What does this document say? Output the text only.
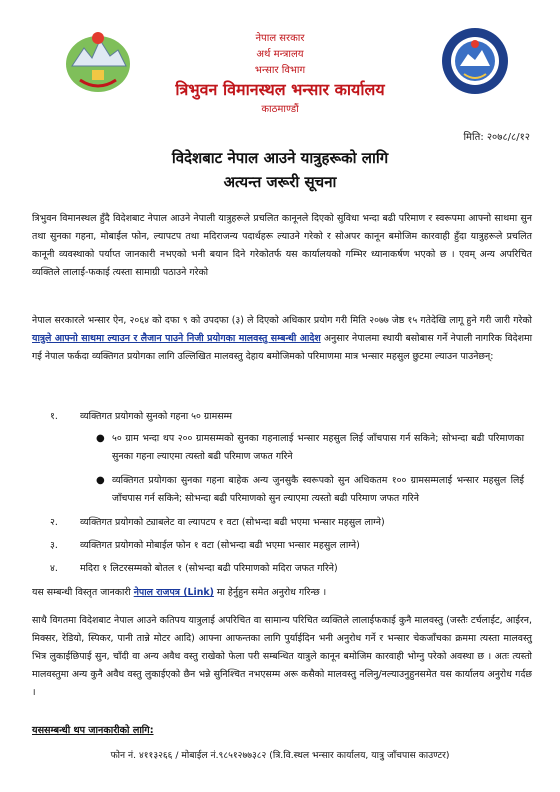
नेपाल सरकार
अर्थ मन्त्रालय
भन्सार विभाग
त्रिभुवन विमानस्थल भन्सार कार्यालय
काठमाण्डौं
मिति: २०७८/८/१२
विदेशबाट नेपाल आउने यात्रुहरूको लागि
अत्यन्त जरूरी सूचना
त्रिभुवन विमानस्थल हुँदै विदेशबाट नेपाल आउने नेपाली यात्रुहरूले प्रचलित कानूनले दिएको सुविधा भन्दा बढी परिमाण र स्वरूपमा आफ्नो साथमा सुन तथा सुनका गहना, मोबाईल फोन, ल्यापटप तथा मदिराजन्य पदार्थहरू ल्याउने गरेको र सोअपर कानून बमोजिम कारवाही हुँदा यात्रुहरूले प्रचलित कानूनी व्यवस्थाको पर्याप्त जानकारी नभएको भनी बयान दिने गरेकोतर्फ यस कार्यालयको गम्भिर ध्यानाकर्षण भएको छ । एवम् अन्य अपरिचित व्यक्तिले लालाई-फकाई त्यस्ता सामाग्री पठाउने गरेको
नेपाल सरकारले भन्सार ऐन, २०६४ को दफा ९ को उपदफा (३) ले दिएको अधिकार प्रयोग गरी मिति २०७७ जेष्ठ १५ गतेदेखि लागू हुने गरी जारी गरेको यात्रुले आफ्नो साथमा ल्याउन र लैजान पाउने निजी प्रयोगका मालवस्तु सम्बन्धी आदेश अनुसार नेपालमा स्थायी बसोबास गर्ने नेपाली नागरिक विदेशमा गई नेपाल फर्कदा व्यक्तिगत प्रयोगका लागि उल्लिखित मालवस्तु देहाय बमोजिमको परिमाणमा मात्र भन्सार महसुल छुटमा ल्याउन पाउनेछन्:
१.	व्यक्तिगत प्रयोगको सुनको गहना ५० ग्रामसम्म
● ५० ग्राम भन्दा थप २०० ग्रामसम्मको सुनका गहनालाई भन्सार महसुल लिई जाँचपास गर्न सकिने; सोभन्दा बढी परिमाणका सुनका गहना ल्याएमा त्यस्तो बढी परिमाण जफत गरिने
● व्यक्तिगत प्रयोगका सुनका गहना बाहेक अन्य जुनसुकै स्वरूपको सुन अधिकतम १०० ग्रामसम्मलाई भन्सार महसुल लिई जाँचपास गर्न सकिने; सोभन्दा बढी परिमाणको सुन ल्याएमा त्यस्तो बढी परिमाण जफत गरिने
२.	व्यक्तिगत प्रयोगको ट्याबलेट वा ल्यापटप १ वटा (सोभन्दा बढी भएमा भन्सार महसुल लाग्ने)
३.	व्यक्तिगत प्रयोगको मोबाईल फोन १ वटा (सोभन्दा बढी भएमा भन्सार महसुल लाग्ने)
४.	मदिरा १ लिटरसम्मको बोतल १ (सोभन्दा बढी परिमाणको मदिरा जफत गरिने)
यस सम्बन्धी विस्तृत जानकारी नेपाल राजपत्र (Link) मा हेर्नुहुन समेत अनुरोध गरिन्छ ।
साथै विगतमा विदेशबाट नेपाल आउने कतिपय यात्रुलाई अपरिचित वा सामान्य परिचित व्यक्तिले लालाईफकाई कुनै मालवस्तु (जस्तैः टर्चलाईट, आईरन, मिक्सर, रेडियो, स्पिकर, पानी तान्ने मोटर आदि) आफ्ना आफन्तका लागि पुर्याईदिन भनी अनुरोध गर्ने र भन्सार चेकजाँचका क्रममा त्यस्ता मालवस्तु भित्र लुकाईछिपाई सुन, चाँदी वा अन्य अवैध वस्तु राखेको फेला परी सम्बन्धित यात्रुले कानून बमोजिम कारवाही भोग्नु परेको अवस्था छ । अतः त्यस्तो मालवस्तुमा अन्य कुनै अवैध वस्तु लुकाईएको छैन भन्ने सुनिश्चित नभएसम्म अरू कसैको मालवस्तु नलिनु/नल्याउनुहुनसमेत यस कार्यालय अनुरोध गर्दछ ।
यससम्बन्धी थप जानकारीको लागि:
फोन नं. ४११३२६६ / मोबाईल नं.९८५१२७७३८२ (त्रि.वि.स्थल भन्सार कार्यालय, यात्रु जाँचपास काउण्टर)
